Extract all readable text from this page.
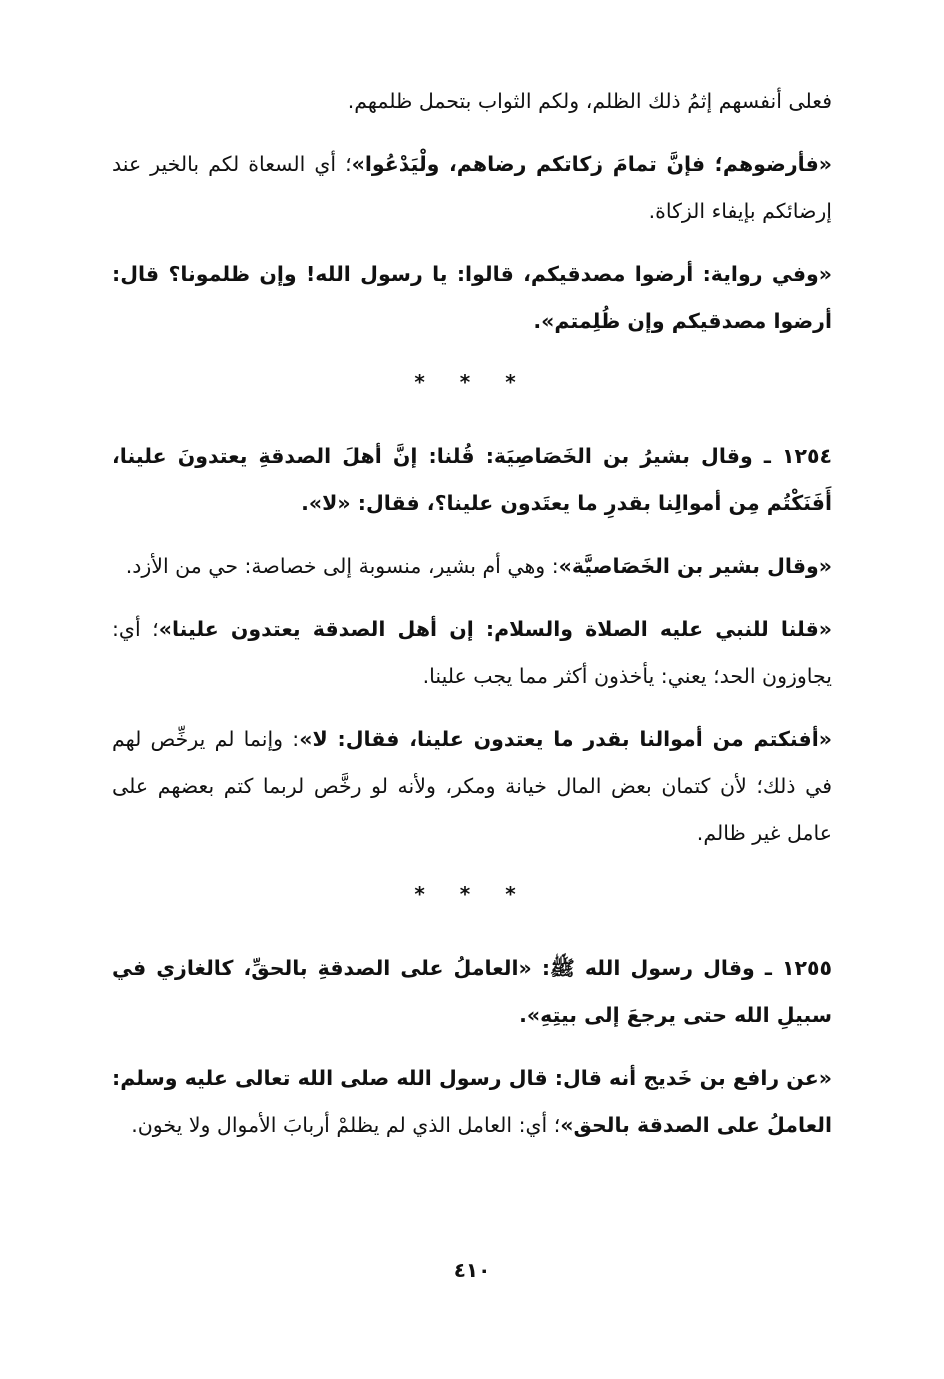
فعلى أنفسهم إثمُ ذلك الظلم، ولكم الثواب بتحمل ظلمهم.

«فأرضوهم؛ فإنَّ تمامَ زكاتكم رضاهم، ولْيَدْعُوا»؛ أي السعاة لكم بالخير عند إرضائكم بإيفاء الزكاة.

«وفي رواية: أرضوا مصدقيكم، قالوا: يا رسول الله! وإن ظلمونا؟ قال: أرضوا مصدقيكم وإن ظُلِمتم».

* * *

١٢٥٤ ـ وقال بشيرُ بن الخَصَاصِيَة: قُلنا: إنَّ أهلَ الصدقةِ يعتدونَ علينا، أَفَنَكْتُم مِن أموالِنا بقدرِ ما يعتَدون علينا؟، فقال: «لا».

«وقال بشير بن الخَصَاصيَّة»: وهي أم بشير، منسوبة إلى خصاصة: حي من الأزد.

«قلنا للنبي عليه الصلاة والسلام: إن أهل الصدقة يعتدون علينا»؛ أي: يجاوزون الحد؛ يعني: يأخذون أكثر مما يجب علينا.

«أفنكتم من أموالنا بقدر ما يعتدون علينا، فقال: لا»: وإنما لم يرخِّص لهم في ذلك؛ لأن كتمان بعض المال خيانة ومكر، ولأنه لو رخَّص لربما كتم بعضهم على عامل غير ظالم.

* * *

١٢٥٥ ـ وقال رسول الله ﷺ: «العاملُ على الصدقةِ بالحقِّ، كالغازي في سبيلِ الله حتى يرجعَ إلى بيتِهِ».

«عن رافع بن خَديج أنه قال: قال رسول الله صلى الله تعالى عليه وسلم: العاملُ على الصدقة بالحق»؛ أي: العامل الذي لم يظلمْ أربابَ الأموال ولا يخون.

٤١٠
